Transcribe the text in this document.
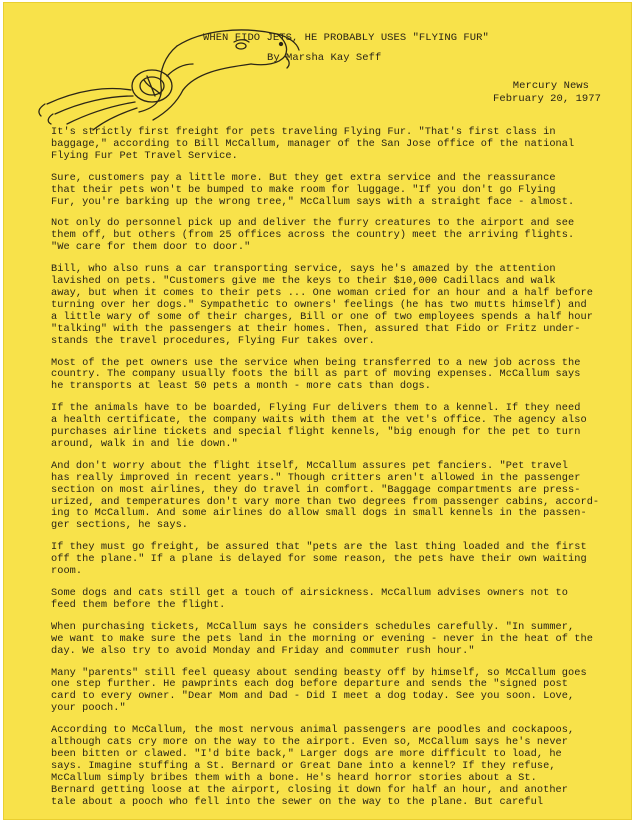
WHEN FIDO JETS, HE PROBABLY USES "FLYING FUR"
By Marsha Kay Seff
Mercury News
February 20, 1977
It's strictly first freight for pets traveling Flying Fur. "That's first class in
baggage," according to Bill McCallum, manager of the San Jose office of the national
Flying Fur Pet Travel Service.
Sure, customers pay a little more. But they get extra service and the reassurance
that their pets won't be bumped to make room for luggage. "If you don't go Flying
Fur, you're barking up the wrong tree," McCallum says with a straight face - almost.
Not only do personnel pick up and deliver the furry creatures to the airport and see
them off, but others (from 25 offices across the country) meet the arriving flights.
"We care for them door to door."
Bill, who also runs a car transporting service, says he's amazed by the attention
lavished on pets. "Customers give me the keys to their $10,000 Cadillacs and walk
away, but when it comes to their pets ... One woman cried for an hour and a half before
turning over her dogs." Sympathetic to owners' feelings (he has two mutts himself) and
a little wary of some of their charges, Bill or one of two employees spends a half hour
"talking" with the passengers at their homes. Then, assured that Fido or Fritz under-
stands the travel procedures, Flying Fur takes over.
Most of the pet owners use the service when being transferred to a new job across the
country. The company usually foots the bill as part of moving expenses. McCallum says
he transports at least 50 pets a month - more cats than dogs.
If the animals have to be boarded, Flying Fur delivers them to a kennel. If they need
a health certificate, the company waits with them at the vet's office. The agency also
purchases airline tickets and special flight kennels, "big enough for the pet to turn
around, walk in and lie down."
And don't worry about the flight itself, McCallum assures pet fanciers. "Pet travel
has really improved in recent years." Though critters aren't allowed in the passenger
section on most airlines, they do travel in comfort. "Baggage compartments are press-
urized, and temperatures don't vary more than two degrees from passenger cabins, accord-
ing to McCallum. And some airlines do allow small dogs in small kennels in the passen-
ger sections, he says.
If they must go freight, be assured that "pets are the last thing loaded and the first
off the plane." If a plane is delayed for some reason, the pets have their own waiting
room.
Some dogs and cats still get a touch of airsickness. McCallum advises owners not to
feed them before the flight.
When purchasing tickets, McCallum says he considers schedules carefully. "In summer,
we want to make sure the pets land in the morning or evening - never in the heat of the
day. We also try to avoid Monday and Friday and commuter rush hour."
Many "parents" still feel queasy about sending beasty off by himself, so McCallum goes
one step further. He pawprints each dog before departure and sends the "signed post
card to every owner. "Dear Mom and Dad - Did I meet a dog today. See you soon. Love,
your pooch."
According to McCallum, the most nervous animal passengers are poodles and cockapoos,
although cats cry more on the way to the airport. Even so, McCallum says he's never
been bitten or clawed. "I'd bite back," Larger dogs are more difficult to load, he
says. Imagine stuffing a St. Bernard or Great Dane into a kennel? If they refuse,
McCallum simply bribes them with a bone. He's heard horror stories about a St.
Bernard getting loose at the airport, closing it down for half an hour, and another
tale about a pooch who fell into the sewer on the way to the plane. But careful
